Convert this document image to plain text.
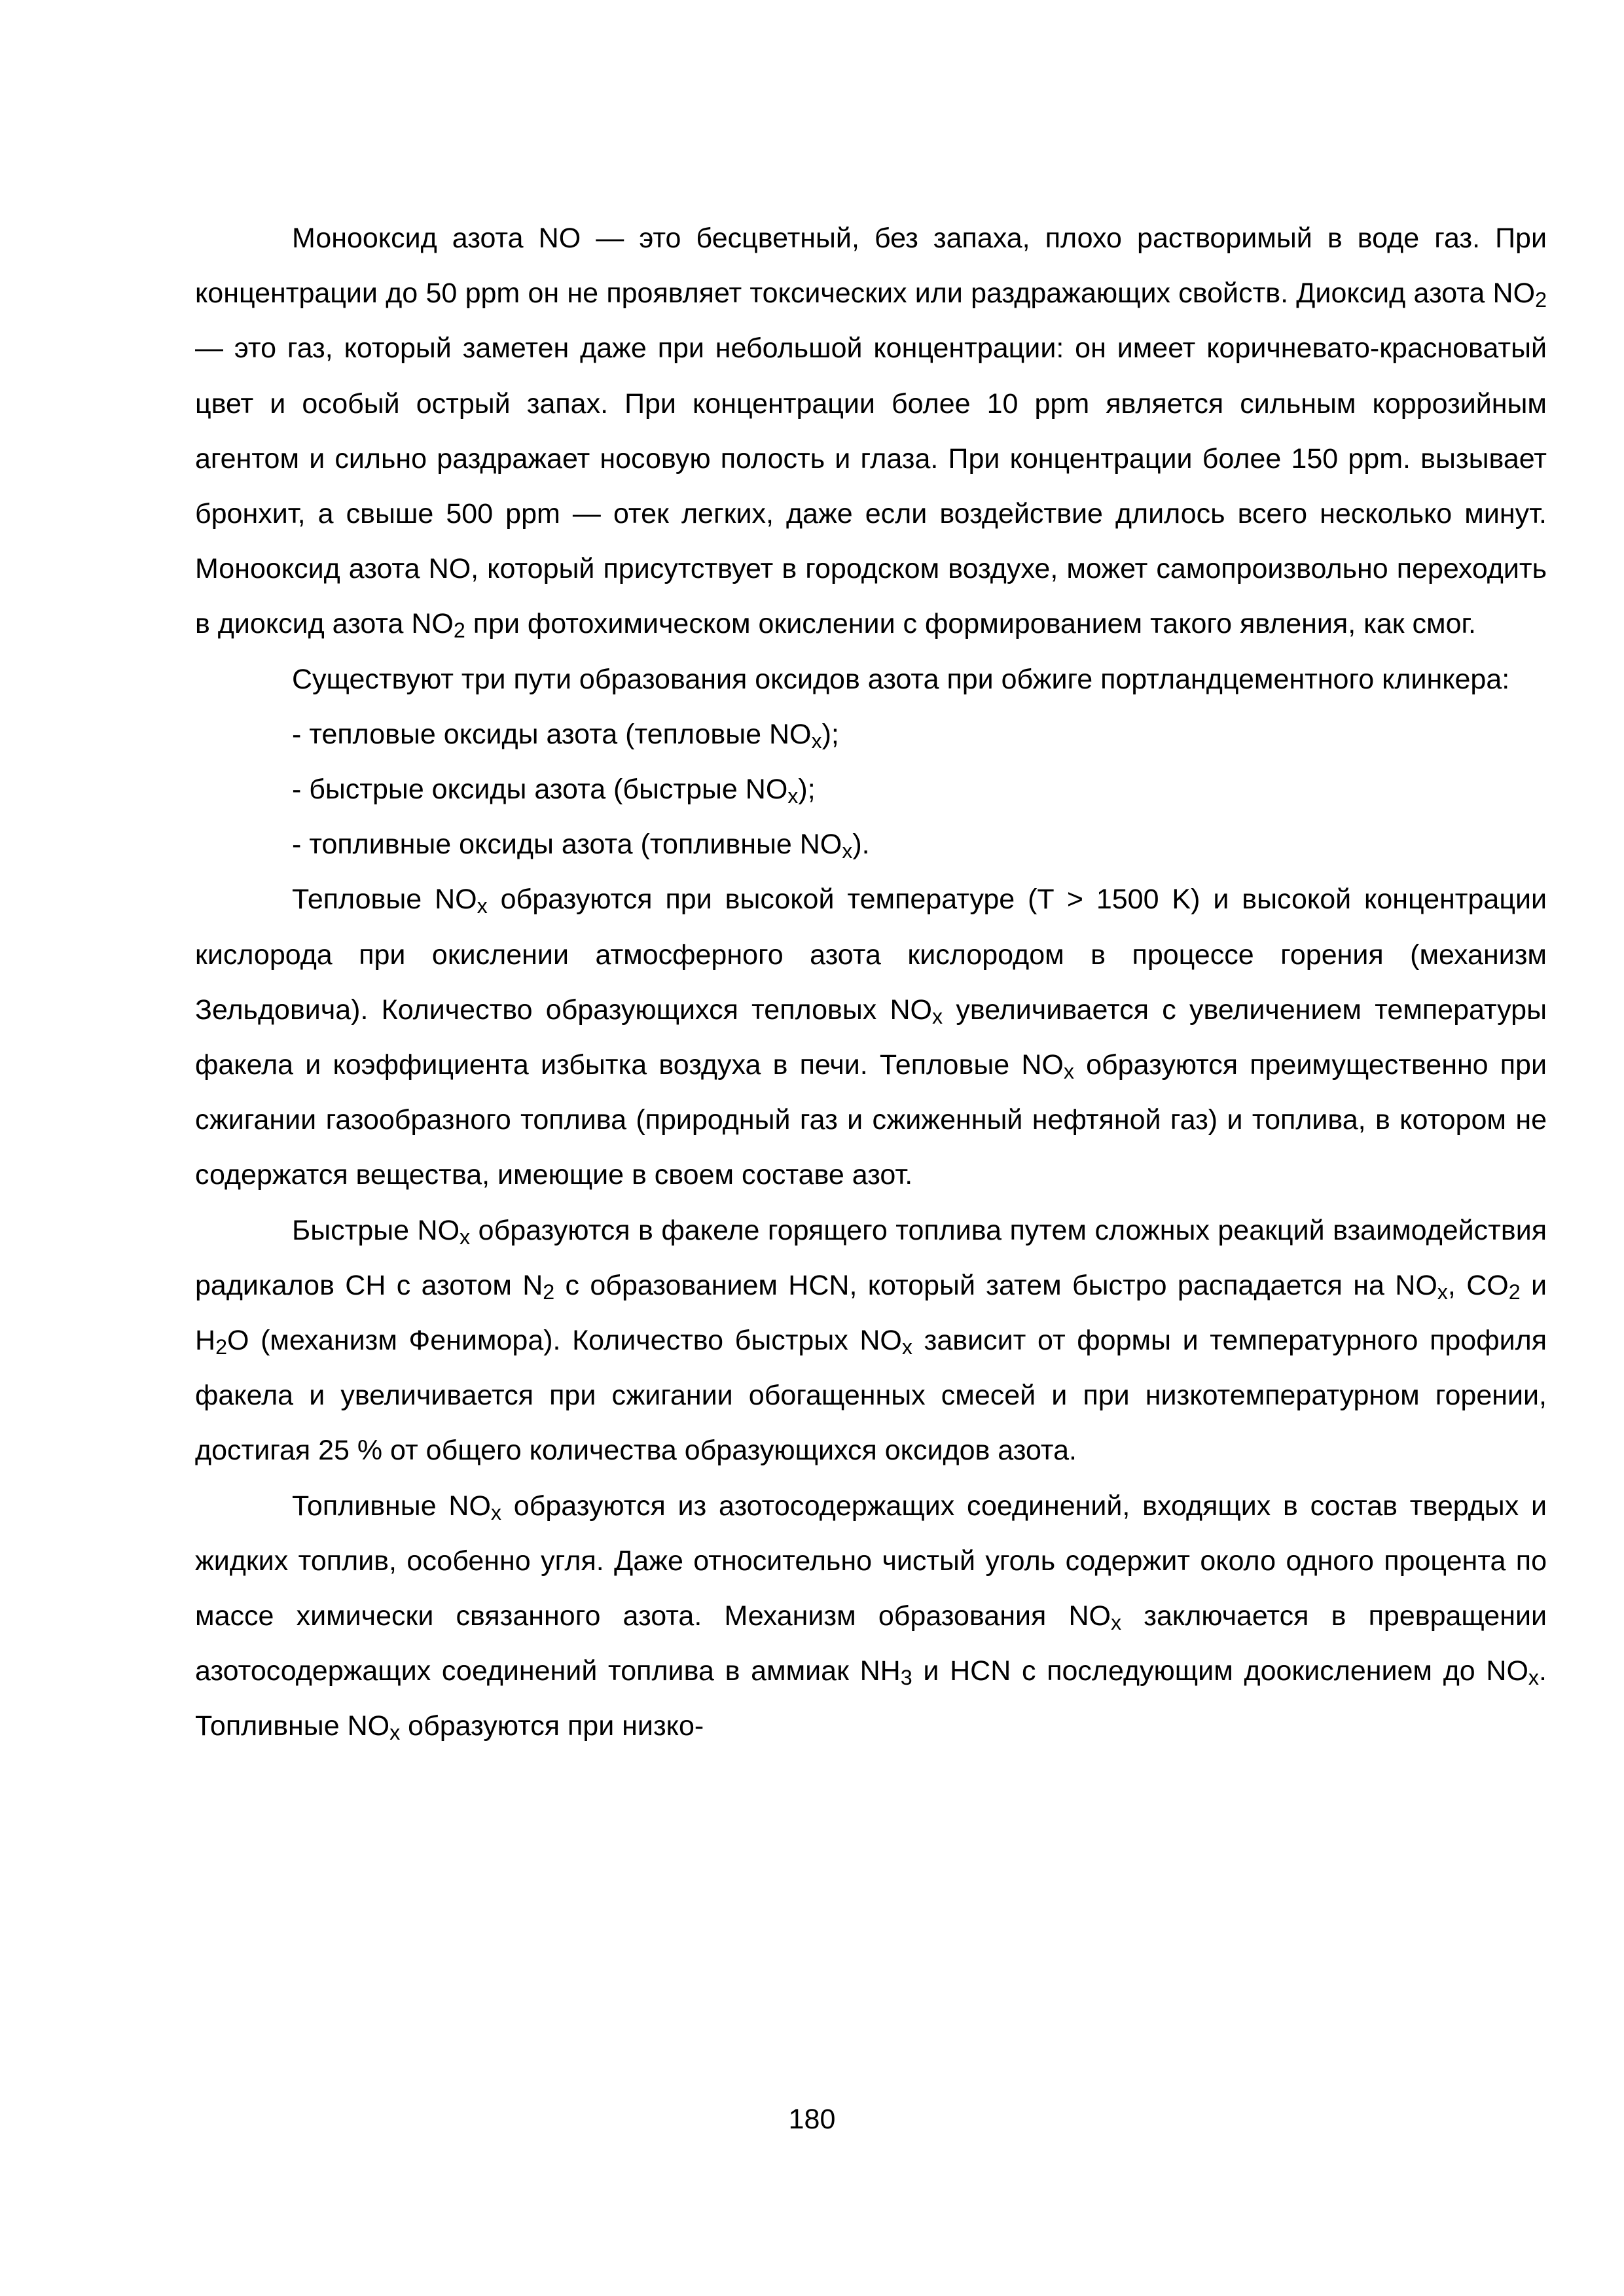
Монооксид азота NO — это бесцветный, без запаха, плохо растворимый в воде газ. При концентрации до 50 ppm он не проявляет токсических или раздражающих свойств. Диоксид азота $NO_2$ — это газ, который заметен даже при небольшой концентрации: он имеет коричневато-красноватый цвет и особый острый запах. При концентрации более 10 ppm является сильным коррозийным агентом и сильно раздражает носовую полость и глаза. При концентрации более 150 ppm. вызывает бронхит, а свыше 500 ppm — отек легких, даже если воздействие длилось всего несколько минут. Монооксид азота NO, который присутствует в городском воздухе, может самопроизвольно переходить в диоксид азота $NO_2$ при фотохимическом окислении с формированием такого явления, как смог.

Существуют три пути образования оксидов азота при обжиге портландцементного клинкера:

- тепловые оксиды азота (тепловые $NO_x$);

- быстрые оксиды азота (быстрые $NO_x$);

- топливные оксиды азота (топливные $NO_x$).

Тепловые $NO_x$ образуются при высокой температуре (T > 1500 K) и высокой концентрации кислорода при окислении атмосферного азота кислородом в процессе горения (механизм Зельдовича). Количество образующихся тепловых $NO_x$ увеличивается с увеличением температуры факела и коэффициента избытка воздуха в печи. Тепловые $NO_x$ образуются преимущественно при сжигании газообразного топлива (природный газ и сжиженный нефтяной газ) и топлива, в котором не содержатся вещества, имеющие в своем составе азот.

Быстрые $NO_x$ образуются в факеле горящего топлива путем сложных реакций взаимодействия радикалов CH с азотом $N_2$ с образованием HCN, который затем быстро распадается на $NO_x$, $CO_2$ и $H_2O$ (механизм Фенимора). Количество быстрых $NO_x$ зависит от формы и температурного профиля факела и увеличивается при сжигании обогащенных смесей и при низкотемпературном горении, достигая 25 % от общего количества образующихся оксидов азота.

Топливные $NO_x$ образуются из азотосодержащих соединений, входящих в состав твердых и жидких топлив, особенно угля. Даже относительно чистый уголь содержит около одного процента по массе химически связанного азота. Механизм образования $NO_x$ заключается в превращении азотосодержащих соединений топлива в аммиак $NH_3$ и HCN с последующим доокислением до $NO_x$. Топливные $NO_x$ образуются при низко-

180
